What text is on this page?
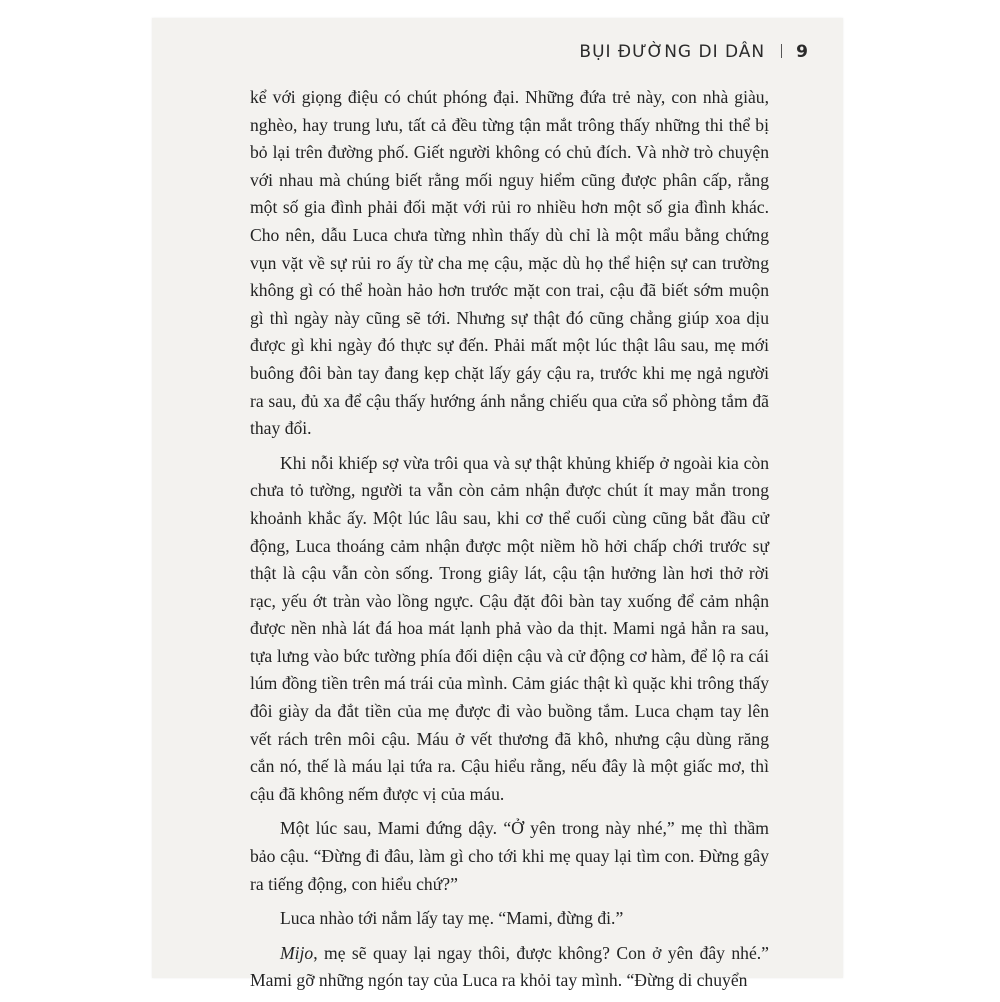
BỤI ĐƯỜNG DI DÂN 9

kể với giọng điệu có chút phóng đại. Những đứa trẻ này, con nhà giàu, nghèo, hay trung lưu, tất cả đều từng tận mắt trông thấy những thi thể bị bỏ lại trên đường phố. Giết người không có chủ đích. Và nhờ trò chuyện với nhau mà chúng biết rằng mối nguy hiểm cũng được phân cấp, rằng một số gia đình phải đối mặt với rủi ro nhiều hơn một số gia đình khác. Cho nên, dẫu Luca chưa từng nhìn thấy dù chỉ là một mẩu bằng chứng vụn vặt về sự rủi ro ấy từ cha mẹ cậu, mặc dù họ thể hiện sự can trường không gì có thể hoàn hảo hơn trước mặt con trai, cậu đã biết sớm muộn gì thì ngày này cũng sẽ tới. Nhưng sự thật đó cũng chẳng giúp xoa dịu được gì khi ngày đó thực sự đến. Phải mất một lúc thật lâu sau, mẹ mới buông đôi bàn tay đang kẹp chặt lấy gáy cậu ra, trước khi mẹ ngả người ra sau, đủ xa để cậu thấy hướng ánh nắng chiếu qua cửa sổ phòng tắm đã thay đổi.

Khi nỗi khiếp sợ vừa trôi qua và sự thật khủng khiếp ở ngoài kia còn chưa tỏ tường, người ta vẫn còn cảm nhận được chút ít may mắn trong khoảnh khắc ấy. Một lúc lâu sau, khi cơ thể cuối cùng cũng bắt đầu cử động, Luca thoáng cảm nhận được một niềm hồ hởi chấp chới trước sự thật là cậu vẫn còn sống. Trong giây lát, cậu tận hưởng làn hơi thở rời rạc, yếu ớt tràn vào lồng ngực. Cậu đặt đôi bàn tay xuống để cảm nhận được nền nhà lát đá hoa mát lạnh phả vào da thịt. Mami ngả hẳn ra sau, tựa lưng vào bức tường phía đối diện cậu và cử động cơ hàm, để lộ ra cái lúm đồng tiền trên má trái của mình. Cảm giác thật kì quặc khi trông thấy đôi giày da đắt tiền của mẹ được đi vào buồng tắm. Luca chạm tay lên vết rách trên môi cậu. Máu ở vết thương đã khô, nhưng cậu dùng răng cắn nó, thế là máu lại tứa ra. Cậu hiểu rằng, nếu đây là một giấc mơ, thì cậu đã không nếm được vị của máu.

Một lúc sau, Mami đứng dậy. “Ở yên trong này nhé,” mẹ thì thầm bảo cậu. “Đừng đi đâu, làm gì cho tới khi mẹ quay lại tìm con. Đừng gây ra tiếng động, con hiểu chứ?”

Luca nhào tới nắm lấy tay mẹ. “Mami, đừng đi.”

Mijo, mẹ sẽ quay lại ngay thôi, được không? Con ở yên đây nhé.” Mami gỡ những ngón tay của Luca ra khỏi tay mình. “Đừng di chuyển
